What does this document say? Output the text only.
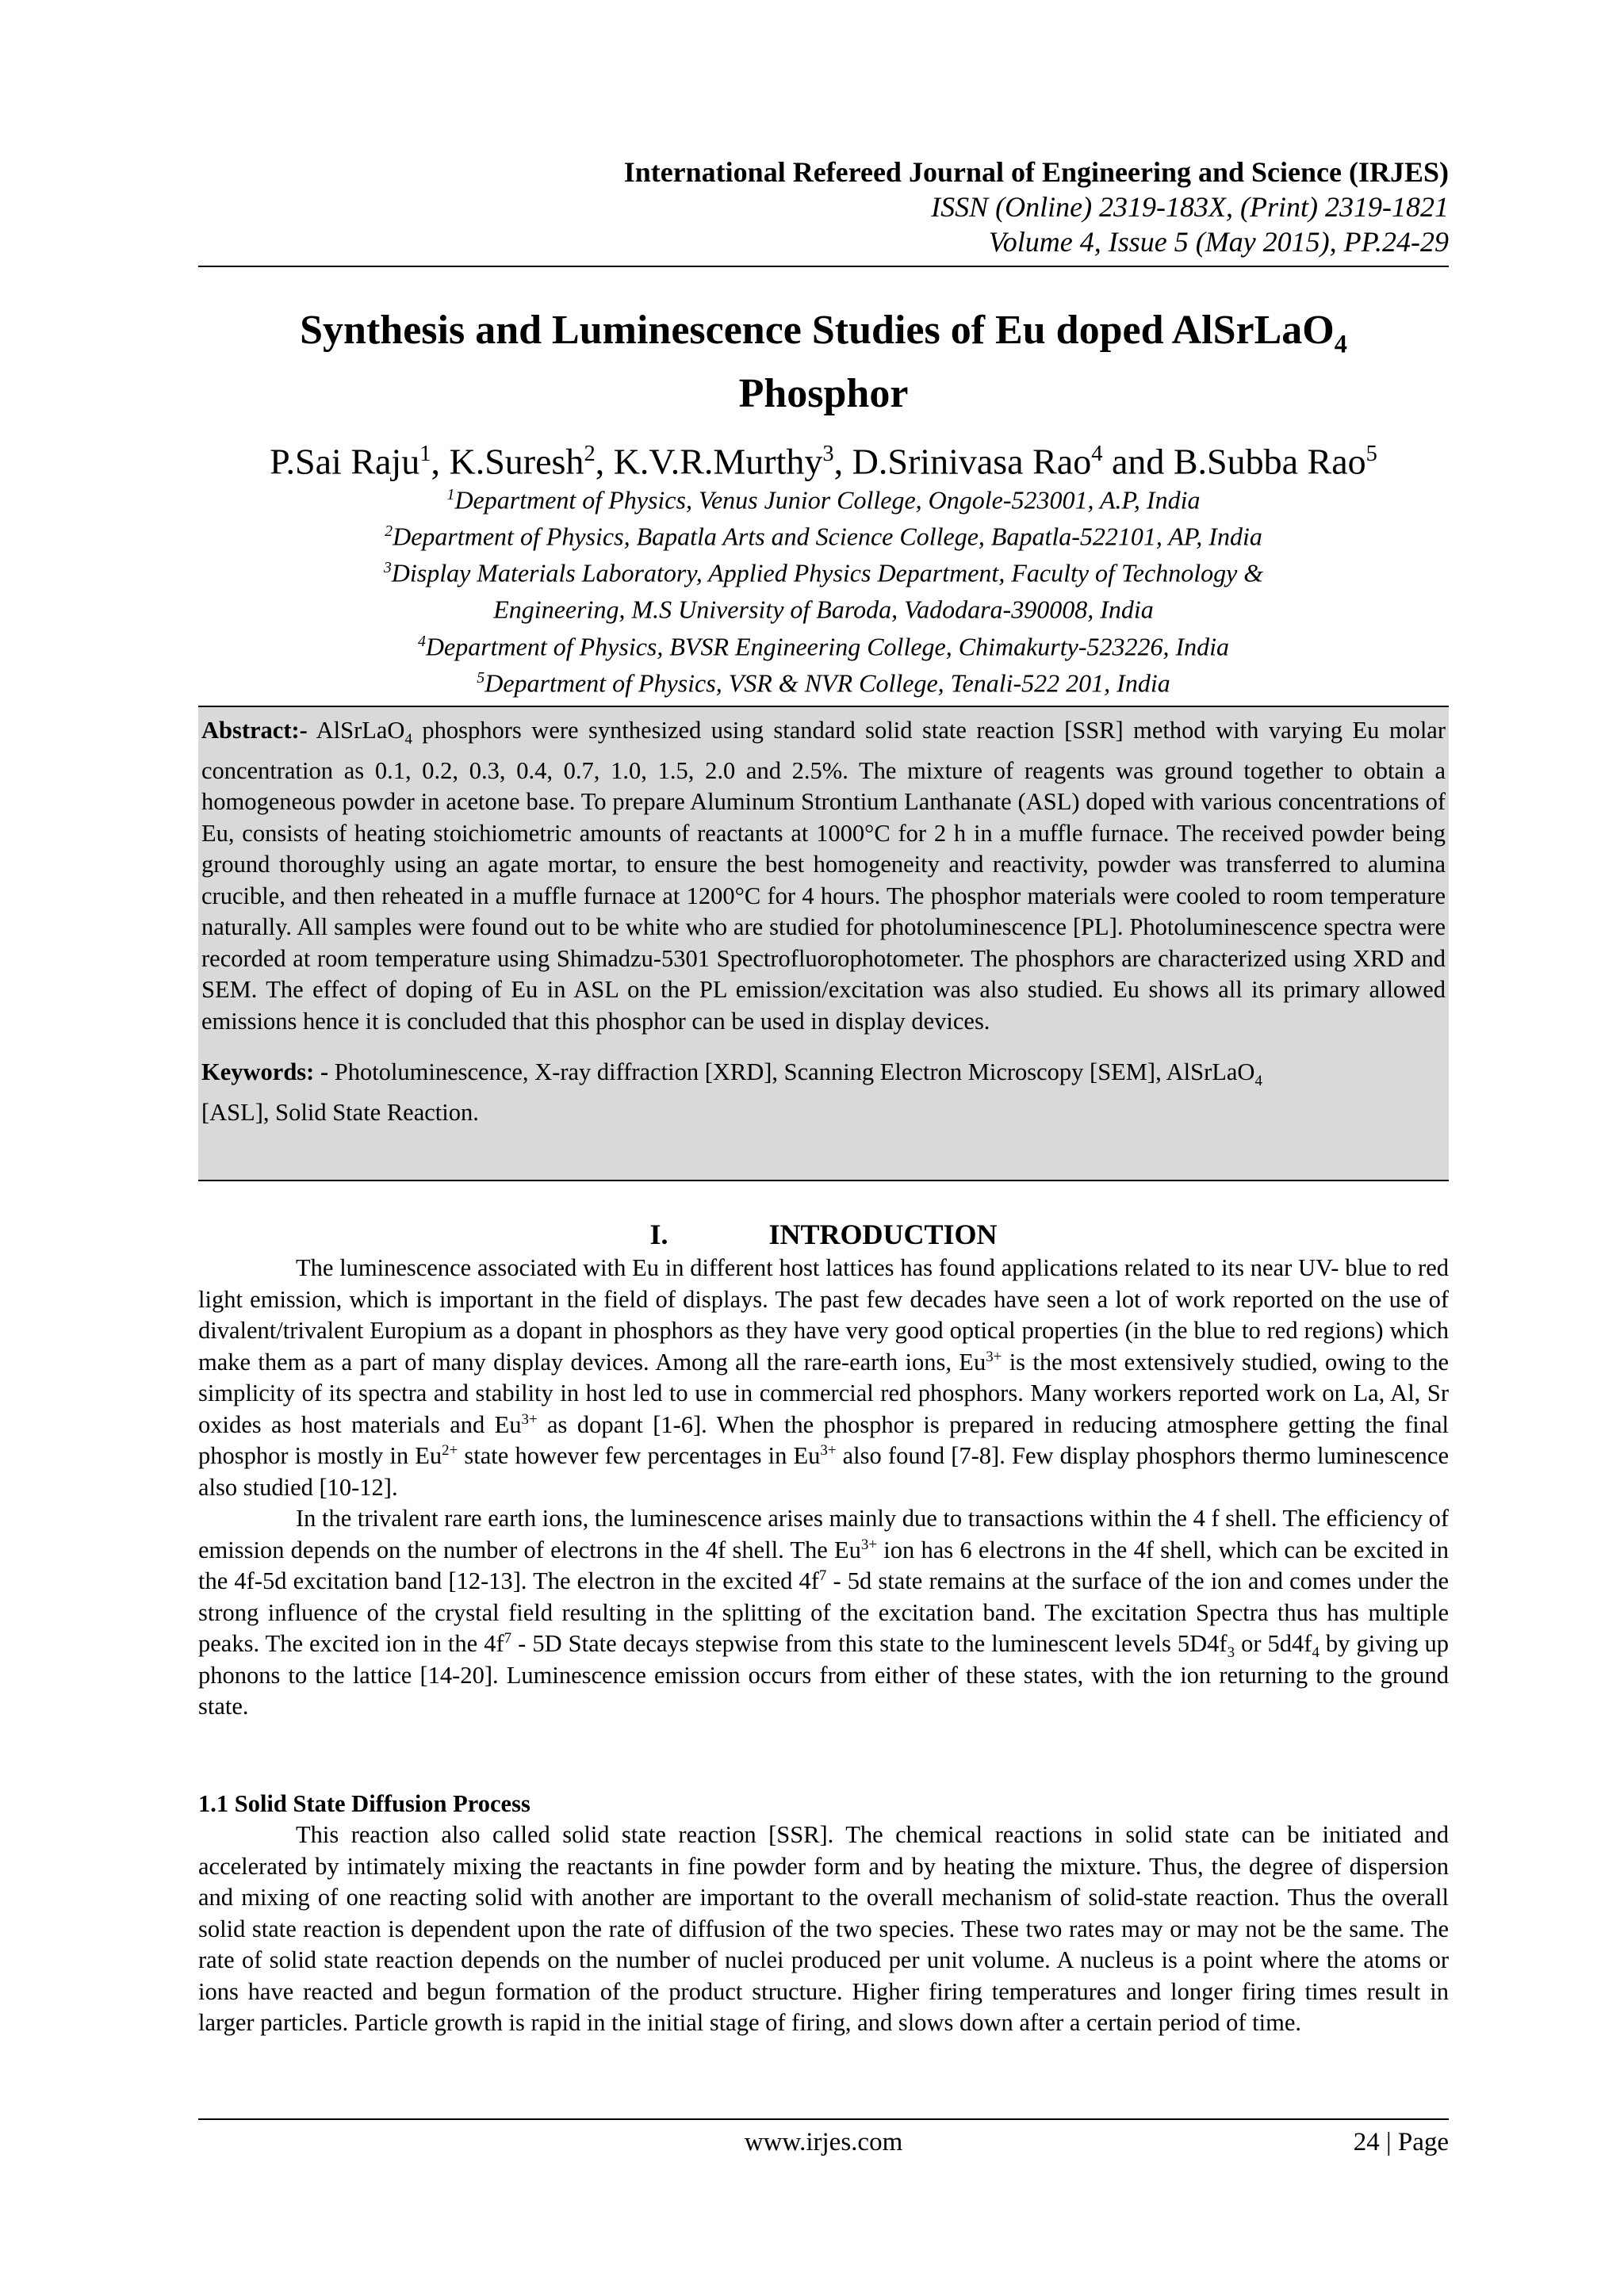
International Refereed Journal of Engineering and Science (IRJES)
ISSN (Online) 2319-183X, (Print) 2319-1821
Volume 4, Issue 5 (May 2015), PP.24-29
Synthesis and Luminescence Studies of Eu doped AlSrLaO$_4$
Phosphor
P.Sai Raju$^1$, K.Suresh$^2$, K.V.R.Murthy$^3$, D.Srinivasa Rao$^4$ and B.Subba Rao$^5$
$^1$Department of Physics, Venus Junior College, Ongole-523001, A.P, India
$^2$Department of Physics, Bapatla Arts and Science College, Bapatla-522101, AP, India
$^3$Display Materials Laboratory, Applied Physics Department, Faculty of Technology &
Engineering, M.S University of Baroda, Vadodara-390008, India
$^4$Department of Physics, BVSR Engineering College, Chimakurty-523226, India
$^5$Department of Physics, VSR & NVR College, Tenali-522 201, India

Abstract:- AlSrLaO$_4$ phosphors were synthesized using standard solid state reaction [SSR] method with varying Eu molar concentration as 0.1, 0.2, 0.3, 0.4, 0.7, 1.0, 1.5, 2.0 and 2.5%. The mixture of reagents was ground together to obtain a homogeneous powder in acetone base. To prepare Aluminum Strontium Lanthanate (ASL) doped with various concentrations of Eu, consists of heating stoichiometric amounts of reactants at 1000°C for 2 h in a muffle furnace. The received powder being ground thoroughly using an agate mortar, to ensure the best homogeneity and reactivity, powder was transferred to alumina crucible, and then reheated in a muffle furnace at 1200°C for 4 hours. The phosphor materials were cooled to room temperature naturally. All samples were found out to be white who are studied for photoluminescence [PL]. Photoluminescence spectra were recorded at room temperature using Shimadzu-5301 Spectrofluorophotometer. The phosphors are characterized using XRD and SEM. The effect of doping of Eu in ASL on the PL emission/excitation was also studied. Eu shows all its primary allowed emissions hence it is concluded that this phosphor can be used in display devices.

Keywords: - Photoluminescence, X-ray diffraction [XRD], Scanning Electron Microscopy [SEM], AlSrLaO$_4$
[ASL], Solid State Reaction.

I.	INTRODUCTION

The luminescence associated with Eu in different host lattices has found applications related to its near UV- blue to red light emission, which is important in the field of displays. The past few decades have seen a lot of work reported on the use of divalent/trivalent Europium as a dopant in phosphors as they have very good optical properties (in the blue to red regions) which make them as a part of many display devices. Among all the rare-earth ions, $Eu^{3+}$ is the most extensively studied, owing to the simplicity of its spectra and stability in host led to use in commercial red phosphors. Many workers reported work on La, Al, Sr oxides as host materials and $Eu^{3+}$ as dopant [1-6]. When the phosphor is prepared in reducing atmosphere getting the final phosphor is mostly in $Eu^{2+}$ state however few percentages in $Eu^{3+}$ also found [7-8]. Few display phosphors thermo luminescence also studied [10-12].

In the trivalent rare earth ions, the luminescence arises mainly due to transactions within the 4 f shell. The efficiency of emission depends on the number of electrons in the 4f shell. The $Eu^{3+}$ ion has 6 electrons in the 4f shell, which can be excited in the 4f-5d excitation band [12-13]. The electron in the excited $4f^7 - 5d$ state remains at the surface of the ion and comes under the strong influence of the crystal field resulting in the splitting of the excitation band. The excitation Spectra thus has multiple peaks. The excited ion in the $4f^7 - 5D$ State decays stepwise from this state to the luminescent levels $5D4f_3$ or $5d4f_4$ by giving up phonons to the lattice [14-20]. Luminescence emission occurs from either of these states, with the ion returning to the ground state.

1.1 Solid State Diffusion Process

This reaction also called solid state reaction [SSR]. The chemical reactions in solid state can be initiated and accelerated by intimately mixing the reactants in fine powder form and by heating the mixture. Thus, the degree of dispersion and mixing of one reacting solid with another are important to the overall mechanism of solid-state reaction. Thus the overall solid state reaction is dependent upon the rate of diffusion of the two species. These two rates may or may not be the same. The rate of solid state reaction depends on the number of nuclei produced per unit volume. A nucleus is a point where the atoms or ions have reacted and begun formation of the product structure. Higher firing temperatures and longer firing times result in larger particles. Particle growth is rapid in the initial stage of firing, and slows down after a certain period of time.

www.irjes.com	24 | Page
